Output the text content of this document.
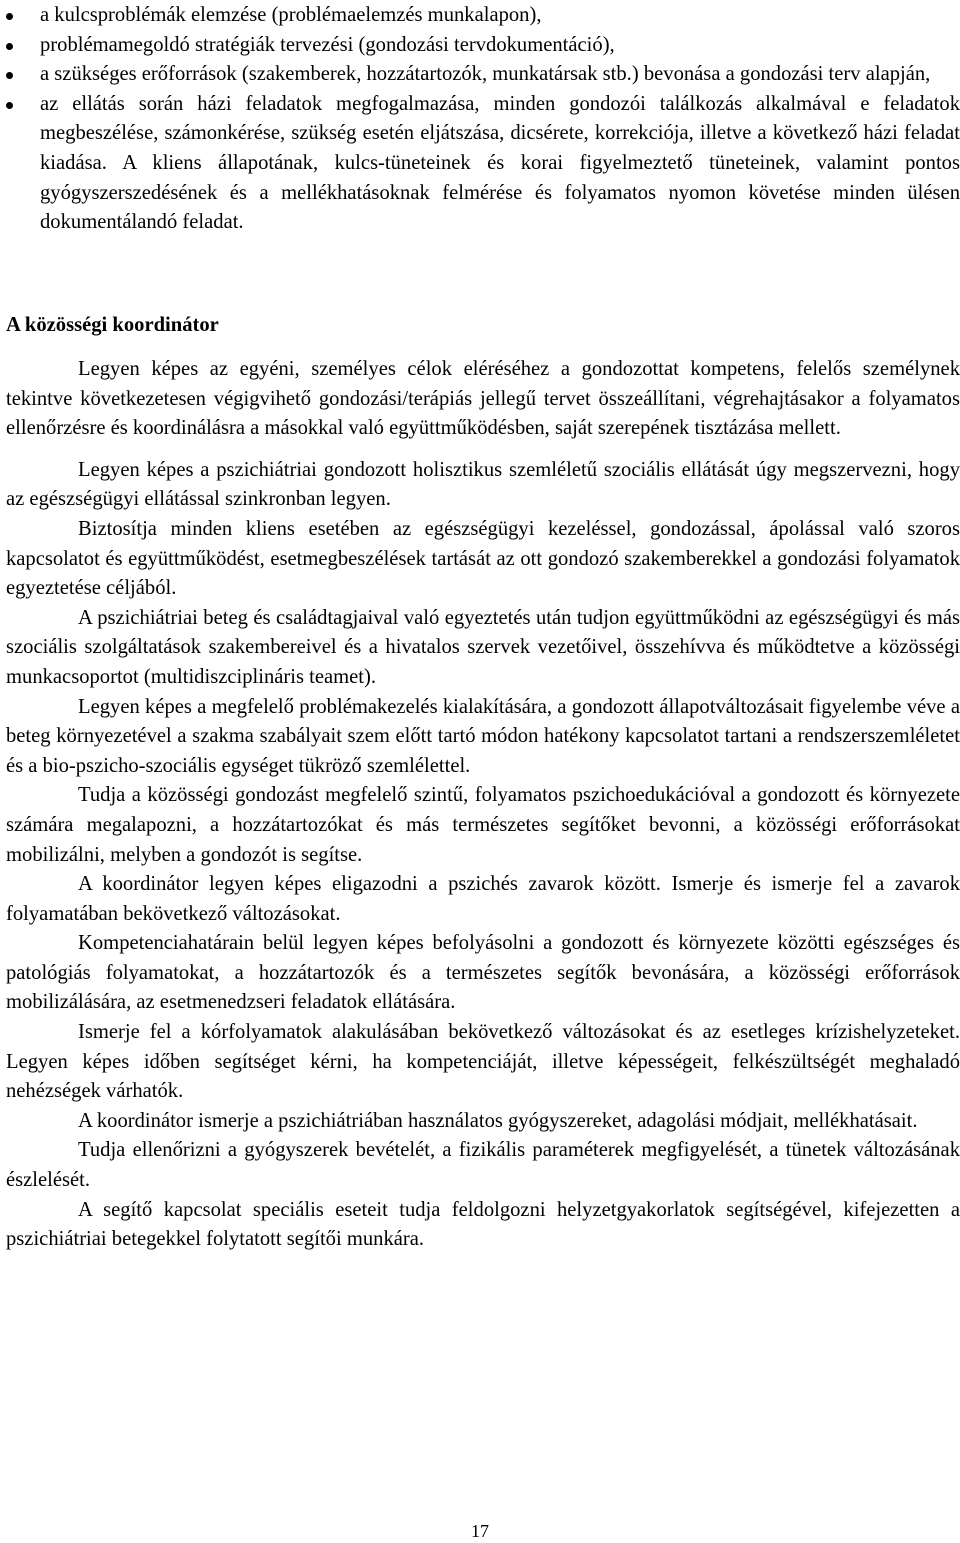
a kulcsproblémák elemzése (problémaelemzés munkalapon),
problémamegoldó stratégiák tervezési (gondozási tervdokumentáció),
a szükséges erőforrások (szakemberek, hozzátartozók, munkatársak stb.) bevonása a gondozási terv alapján,
az ellátás során házi feladatok megfogalmazása, minden gondozói találkozás alkalmával e feladatok megbeszélése, számonkérése, szükség esetén eljátszása, dicsérete, korrekciója, illetve a következő házi feladat kiadása. A kliens állapotának, kulcs-tüneteinek és korai figyelmeztető tüneteinek, valamint pontos gyógyszerszedésének és a mellékhatásoknak felmérése és folyamatos nyomon követése minden ülésen dokumentálandó feladat.
A közösségi koordinátor

Legyen képes az egyéni, személyes célok eléréséhez a gondozottat kompetens, felelős személynek tekintve következetesen végigvihető gondozási/terápiás jellegű tervet összeállítani, végrehajtásakor a folyamatos ellenőrzésre és koordinálásra a másokkal való együttműködésben, saját szerepének tisztázása mellett.

Legyen képes a pszichiátriai gondozott holisztikus szemléletű szociális ellátását úgy megszervezni, hogy az egészségügyi ellátással szinkronban legyen.

Biztosítja minden kliens esetében az egészségügyi kezeléssel, gondozással, ápolással való szoros kapcsolatot és együttműködést, esetmegbeszélések tartását az ott gondozó szakemberekkel a gondozási folyamatok egyeztetése céljából.

A pszichiátriai beteg és családtagjaival való egyeztetés után tudjon együttműködni az egészségügyi és más szociális szolgáltatások szakembereivel és a hivatalos szervek vezetőivel, összehívva és működtetve a közösségi munkacsoportot (multidiszciplináris teamet).

Legyen képes a megfelelő problémakezelés kialakítására, a gondozott állapotváltozásait figyelembe véve a beteg környezetével a szakma szabályait szem előtt tartó módon hatékony kapcsolatot tartani a rendszerszemléletet és a bio-pszicho-szociális egységet tükröző szemlélettel.

Tudja a közösségi gondozást megfelelő szintű, folyamatos pszichoedukációval a gondozott és környezete számára megalapozni, a hozzátartozókat és más természetes segítőket bevonni, a közösségi erőforrásokat mobilizálni, melyben a gondozót is segítse.

A koordinátor legyen képes eligazodni a pszichés zavarok között. Ismerje és ismerje fel a zavarok folyamatában bekövetkező változásokat.

Kompetenciahatárain belül legyen képes befolyásolni a gondozott és környezete közötti egészséges és patológiás folyamatokat, a hozzátartozók és a természetes segítők bevonására, a közösségi erőforrások mobilizálására, az esetmenedzseri feladatok ellátására.

Ismerje fel a kórfolyamatok alakulásában bekövetkező változásokat és az esetleges krízishelyzeteket. Legyen képes időben segítséget kérni, ha kompetenciáját, illetve képességeit, felkészültségét meghaladó nehézségek várhatók.

A koordinátor ismerje a pszichiátriában használatos gyógyszereket, adagolási módjait, mellékhatásait.

Tudja ellenőrizni a gyógyszerek bevételét, a fizikális paraméterek megfigyelését, a tünetek változásának észlelését.

A segítő kapcsolat speciális eseteit tudja feldolgozni helyzetgyakorlatok segítségével, kifejezetten a pszichiátriai betegekkel folytatott segítői munkára.

17
